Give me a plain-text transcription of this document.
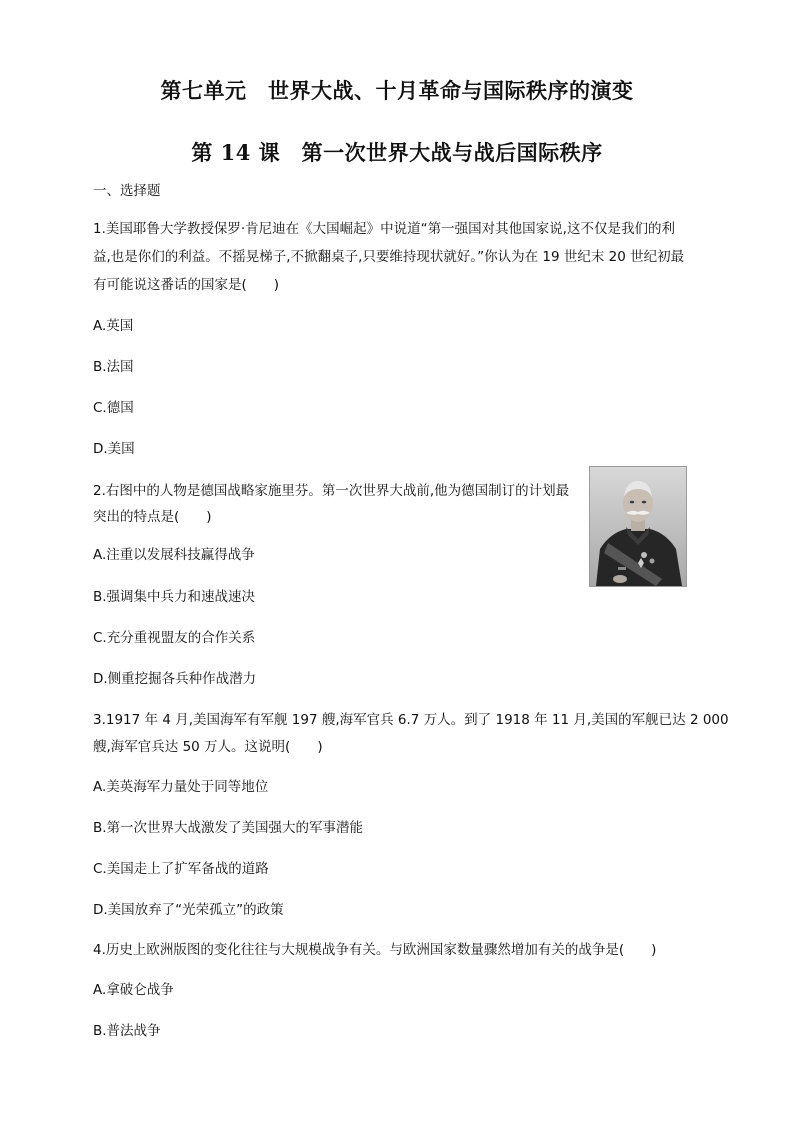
第七单元　世界大战、十月革命与国际秩序的演变
第 14 课　第一次世界大战与战后国际秩序
一、选择题
1.美国耶鲁大学教授保罗·肯尼迪在《大国崛起》中说道“第一强国对其他国家说,这不仅是我们的利
益,也是你们的利益。不摇晃梯子,不掀翻桌子,只要维持现状就好。”你认为在 19 世纪末 20 世纪初最
有可能说这番话的国家是(　　)
A.英国
B.法国
C.德国
D.美国
2.右图中的人物是德国战略家施里芬。第一次世界大战前,他为德国制订的计划最
突出的特点是(　　)
A.注重以发展科技赢得战争
B.强调集中兵力和速战速决
C.充分重视盟友的合作关系
D.侧重挖掘各兵种作战潜力
3.1917 年 4 月,美国海军有军舰 197 艘,海军官兵 6.7 万人。到了 1918 年 11 月,美国的军舰已达 2 000
艘,海军官兵达 50 万人。这说明(　　)
A.美英海军力量处于同等地位
B.第一次世界大战激发了美国强大的军事潜能
C.美国走上了扩军备战的道路
D.美国放弃了“光荣孤立”的政策
4.历史上欧洲版图的变化往往与大规模战争有关。与欧洲国家数量骤然增加有关的战争是(　　)
A.拿破仑战争
B.普法战争
